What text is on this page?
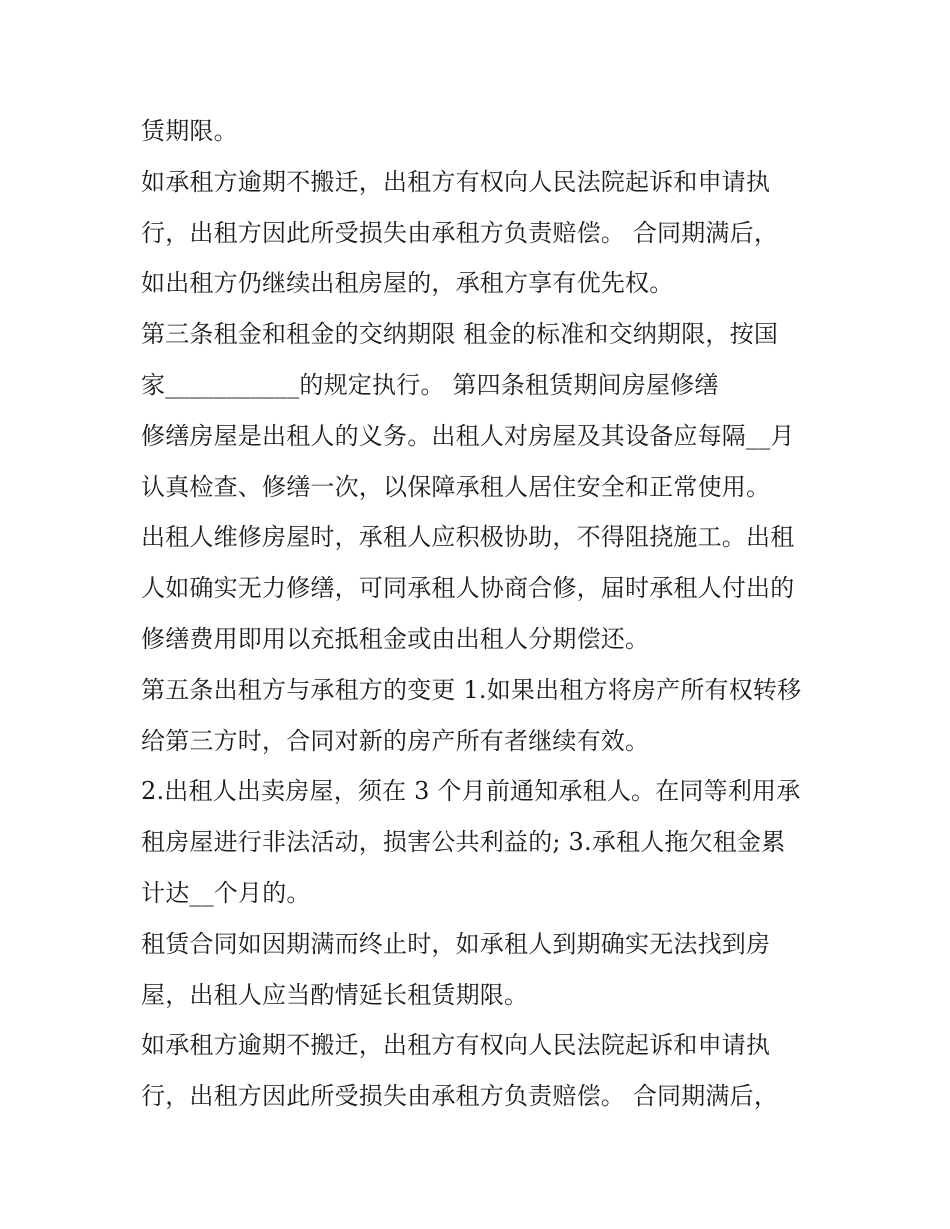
赁期限。
如承租方逾期不搬迁，出租方有权向人民法院起诉和申请执
行，出租方因此所受损失由承租方负责赔偿。 合同期满后，
如出租方仍继续出租房屋的，承租方享有优先权。
第三条租金和租金的交纳期限 租金的标准和交纳期限，按国
家___________的规定执行。 第四条租赁期间房屋修缮
修缮房屋是出租人的义务。出租人对房屋及其设备应每隔__月
认真检查、修缮一次，以保障承租人居住安全和正常使用。
出租人维修房屋时，承租人应积极协助，不得阻挠施工。出租
人如确实无力修缮，可同承租人协商合修，届时承租人付出的
修缮费用即用以充抵租金或由出租人分期偿还。
第五条出租方与承租方的变更 1.如果出租方将房产所有权转移
给第三方时，合同对新的房产所有者继续有效。
2.出租人出卖房屋，须在 3 个月前通知承租人。在同等利用承
租房屋进行非法活动，损害公共利益的; 3.承租人拖欠租金累
计达__个月的。
租赁合同如因期满而终止时，如承租人到期确实无法找到房
屋，出租人应当酌情延长租赁期限。
如承租方逾期不搬迁，出租方有权向人民法院起诉和申请执
行，出租方因此所受损失由承租方负责赔偿。 合同期满后，
